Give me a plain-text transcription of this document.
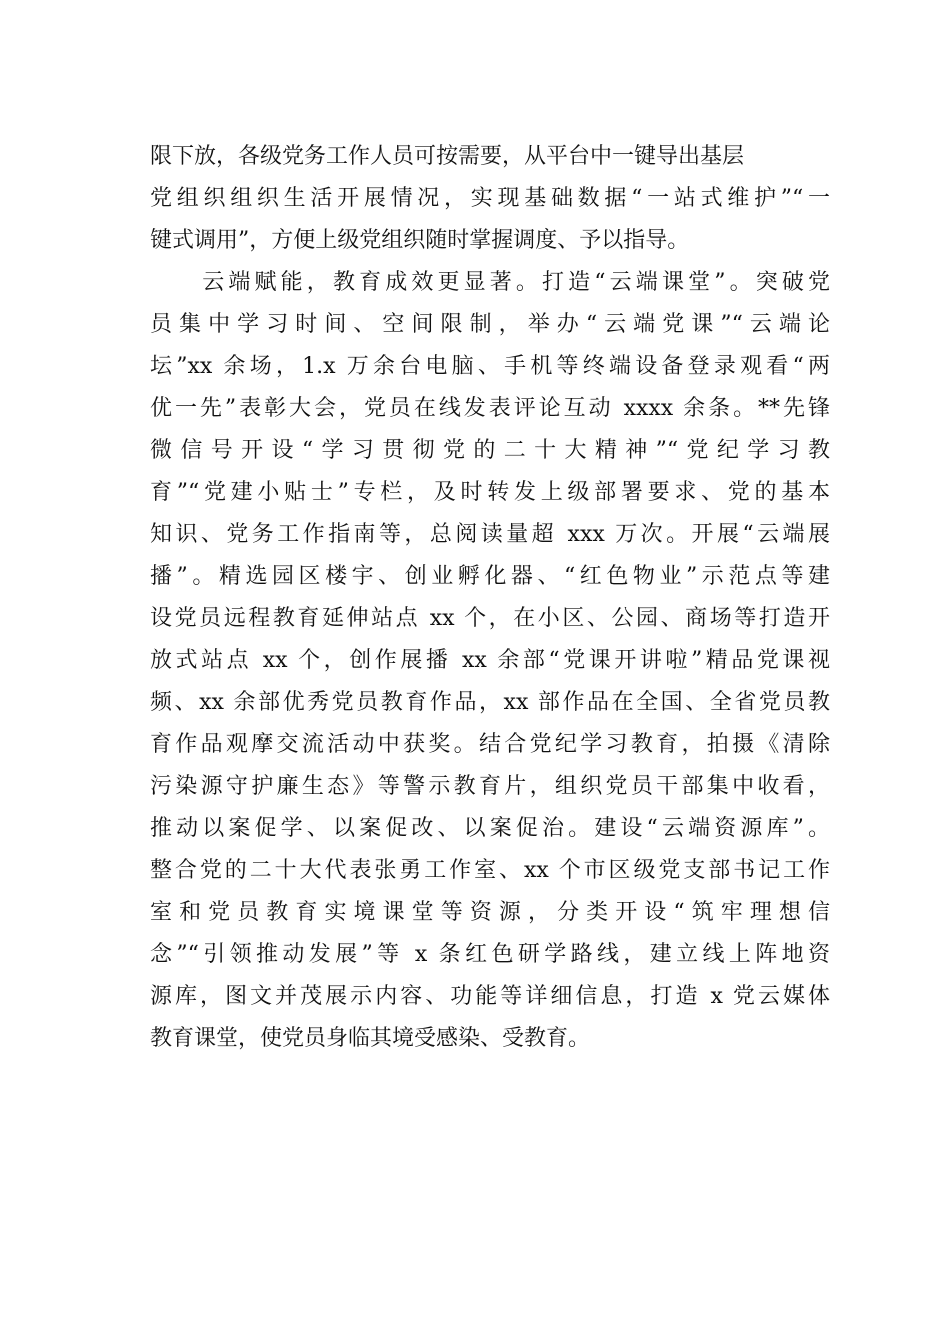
限下放，各级党务工作人员可按需要，从平台中一键导出基层
党组织组织生活开展情况，实现基础数据“一站式维护”“一
键式调用”，方便上级党组织随时掌握调度、予以指导。
　　云端赋能，教育成效更显著。打造“云端课堂”。突破党
员集中学习时间、空间限制，举办“云端党课”“云端论
坛”xx 余场，1.x 万余台电脑、手机等终端设备登录观看“两
优一先”表彰大会，党员在线发表评论互动 xxxx 余条。**先锋
微信号开设“学习贯彻党的二十大精神”“党纪学习教
育”“党建小贴士”专栏，及时转发上级部署要求、党的基本
知识、党务工作指南等，总阅读量超 xxx 万次。开展“云端展
播”。精选园区楼宇、创业孵化器、“红色物业”示范点等建
设党员远程教育延伸站点 xx 个，在小区、公园、商场等打造开
放式站点 xx 个，创作展播 xx 余部“党课开讲啦”精品党课视
频、xx 余部优秀党员教育作品，xx 部作品在全国、全省党员教
育作品观摩交流活动中获奖。结合党纪学习教育，拍摄《清除
污染源守护廉生态》等警示教育片，组织党员干部集中收看，
推动以案促学、以案促改、以案促治。建设“云端资源库”。
整合党的二十大代表张勇工作室、xx 个市区级党支部书记工作
室和党员教育实境课堂等资源，分类开设“筑牢理想信
念”“引领推动发展”等 x 条红色研学路线，建立线上阵地资
源库，图文并茂展示内容、功能等详细信息，打造 x 党云媒体
教育课堂，使党员身临其境受感染、受教育。
